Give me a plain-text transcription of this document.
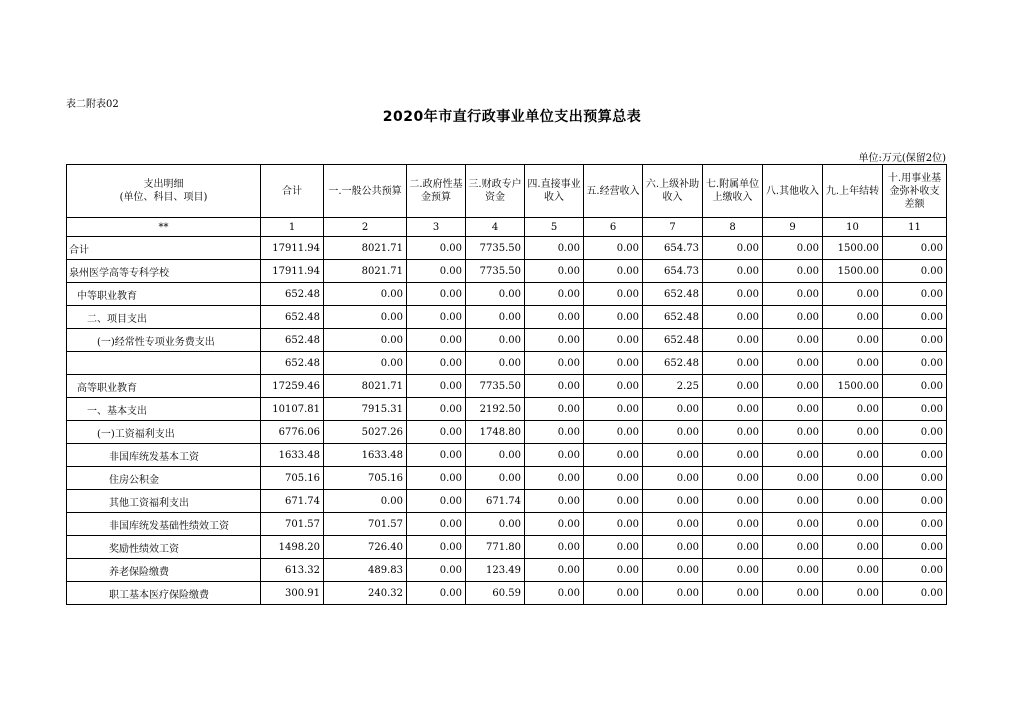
表二附表02
2020年市直行政事业单位支出预算总表
单位:万元(保留2位)
支出明细
(单位、科目、项目)	合计	一.一般公共预算	二.政府性基金预算	三.财政专户资金	四.直接事业收入	五.经营收入	六.上级补助收入	七.附属单位上缴收入	八.其他收入	九.上年结转	十.用事业基金弥补收支差额
**	1	2	3	4	5	6	7	8	9	10	11
合计	17911.94	8021.71	0.00	7735.50	0.00	0.00	654.73	0.00	0.00	1500.00	0.00
泉州医学高等专科学校	17911.94	8021.71	0.00	7735.50	0.00	0.00	654.73	0.00	0.00	1500.00	0.00
中等职业教育	652.48	0.00	0.00	0.00	0.00	0.00	652.48	0.00	0.00	0.00	0.00
二、项目支出	652.48	0.00	0.00	0.00	0.00	0.00	652.48	0.00	0.00	0.00	0.00
(一)经常性专项业务费支出	652.48	0.00	0.00	0.00	0.00	0.00	652.48	0.00	0.00	0.00	0.00
	652.48	0.00	0.00	0.00	0.00	0.00	652.48	0.00	0.00	0.00	0.00
高等职业教育	17259.46	8021.71	0.00	7735.50	0.00	0.00	2.25	0.00	0.00	1500.00	0.00
一、基本支出	10107.81	7915.31	0.00	2192.50	0.00	0.00	0.00	0.00	0.00	0.00	0.00
(一)工资福利支出	6776.06	5027.26	0.00	1748.80	0.00	0.00	0.00	0.00	0.00	0.00	0.00
非国库统发基本工资	1633.48	1633.48	0.00	0.00	0.00	0.00	0.00	0.00	0.00	0.00	0.00
住房公积金	705.16	705.16	0.00	0.00	0.00	0.00	0.00	0.00	0.00	0.00	0.00
其他工资福利支出	671.74	0.00	0.00	671.74	0.00	0.00	0.00	0.00	0.00	0.00	0.00
非国库统发基础性绩效工资	701.57	701.57	0.00	0.00	0.00	0.00	0.00	0.00	0.00	0.00	0.00
奖励性绩效工资	1498.20	726.40	0.00	771.80	0.00	0.00	0.00	0.00	0.00	0.00	0.00
养老保险缴费	613.32	489.83	0.00	123.49	0.00	0.00	0.00	0.00	0.00	0.00	0.00
职工基本医疗保险缴费	300.91	240.32	0.00	60.59	0.00	0.00	0.00	0.00	0.00	0.00	0.00
